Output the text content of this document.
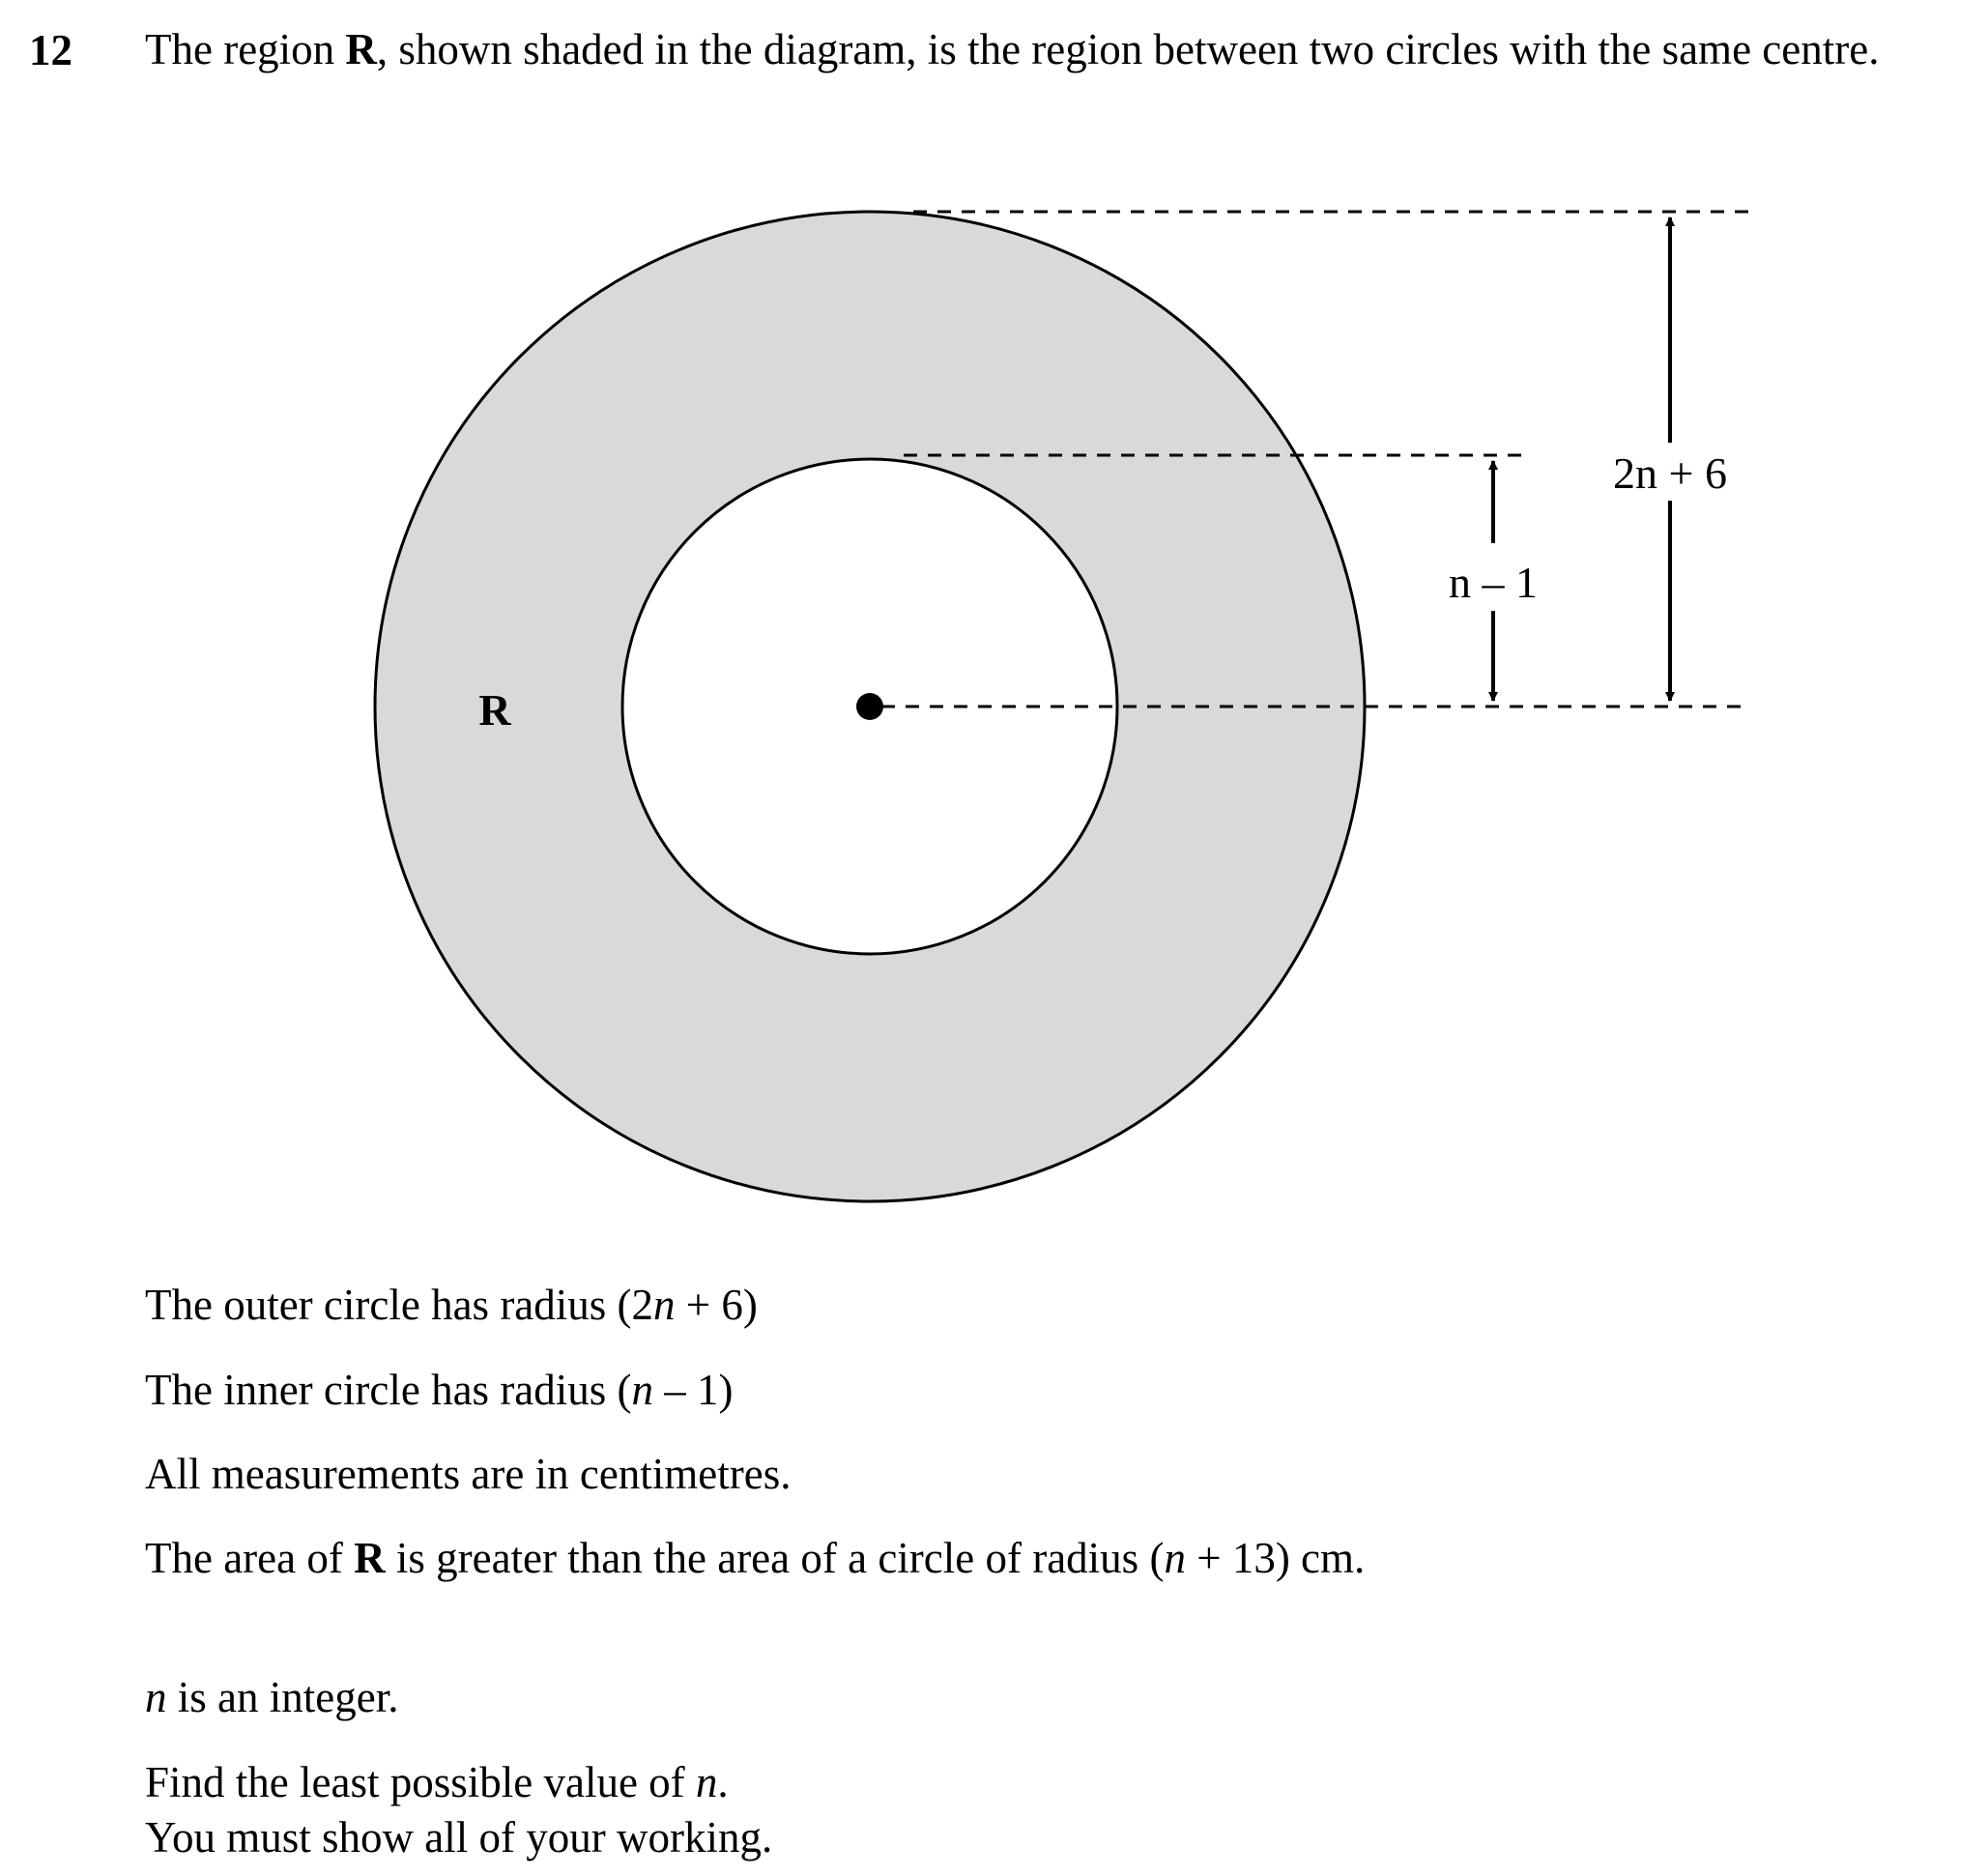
12 The region R, shown shaded in the diagram, is the region between two circles with the same centre.
R
n – 1
2n + 6
The outer circle has radius (2n + 6)
The inner circle has radius (n – 1)
All measurements are in centimetres.
The area of R is greater than the area of a circle of radius (n + 13) cm.
n is an integer.
Find the least possible value of n.
You must show all of your working.
